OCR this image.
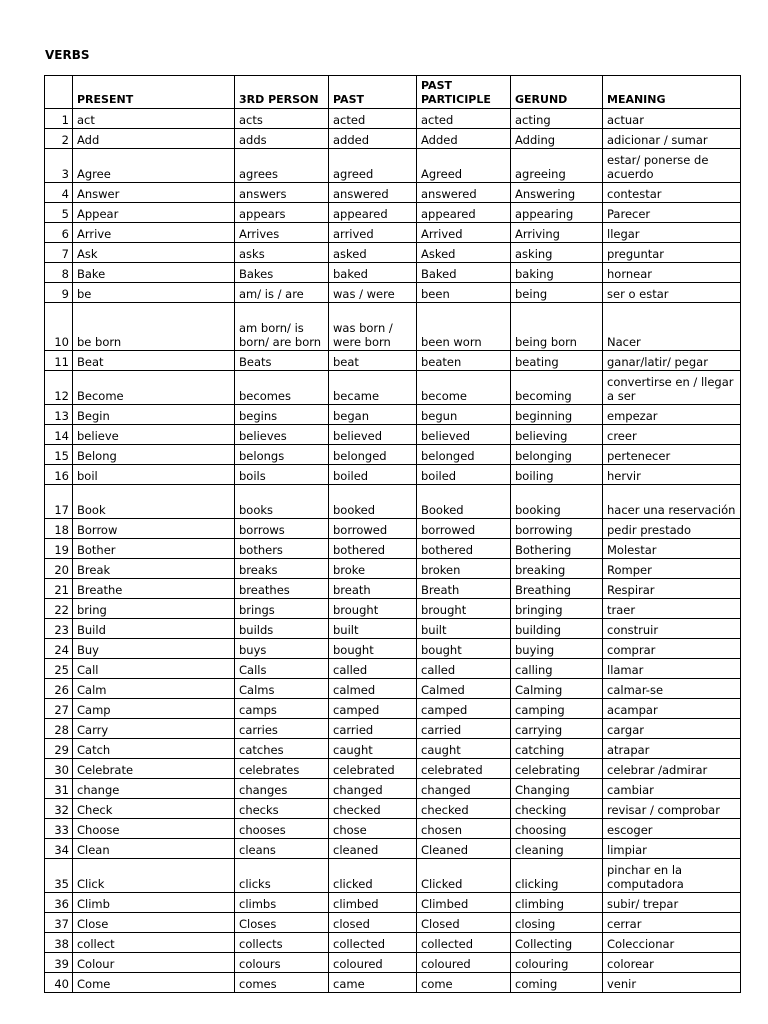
VERBS
	PRESENT	3RD PERSON	PAST	PAST PARTICIPLE	GERUND	MEANING
1	act	acts	acted	acted	acting	actuar
2	Add	adds	added	Added	Adding	adicionar / sumar
3	Agree	agrees	agreed	Agreed	agreeing	estar/ ponerse de acuerdo
4	Answer	answers	answered	answered	Answering	contestar
5	Appear	appears	appeared	appeared	appearing	Parecer
6	Arrive	Arrives	arrived	Arrived	Arriving	llegar
7	Ask	asks	asked	Asked	asking	preguntar
8	Bake	Bakes	baked	Baked	baking	hornear
9	be	am/ is / are	was / were	been	being	ser o estar
10	be born	am born/ is born/ are born	was born / were born	been worn	being born	Nacer
11	Beat	Beats	beat	beaten	beating	ganar/latir/ pegar
12	Become	becomes	became	become	becoming	convertirse en / llegar a ser
13	Begin	begins	began	begun	beginning	empezar
14	believe	believes	believed	believed	believing	creer
15	Belong	belongs	belonged	belonged	belonging	pertenecer
16	boil	boils	boiled	boiled	boiling	hervir
17	Book	books	booked	Booked	booking	hacer una reservación
18	Borrow	borrows	borrowed	borrowed	borrowing	pedir prestado
19	Bother	bothers	bothered	bothered	Bothering	Molestar
20	Break	breaks	broke	broken	breaking	Romper
21	Breathe	breathes	breath	Breath	Breathing	Respirar
22	bring	brings	brought	brought	bringing	traer
23	Build	builds	built	built	building	construir
24	Buy	buys	bought	bought	buying	comprar
25	Call	Calls	called	called	calling	llamar
26	Calm	Calms	calmed	Calmed	Calming	calmar-se
27	Camp	camps	camped	camped	camping	acampar
28	Carry	carries	carried	carried	carrying	cargar
29	Catch	catches	caught	caught	catching	atrapar
30	Celebrate	celebrates	celebrated	celebrated	celebrating	celebrar /admirar
31	change	changes	changed	changed	Changing	cambiar
32	Check	checks	checked	checked	checking	revisar / comprobar
33	Choose	chooses	chose	chosen	choosing	escoger
34	Clean	cleans	cleaned	Cleaned	cleaning	limpiar
35	Click	clicks	clicked	Clicked	clicking	pinchar en la computadora
36	Climb	climbs	climbed	Climbed	climbing	subir/ trepar
37	Close	Closes	closed	Closed	closing	cerrar
38	collect	collects	collected	collected	Collecting	Coleccionar
39	Colour	colours	coloured	coloured	colouring	colorear
40	Come	comes	came	come	coming	venir
